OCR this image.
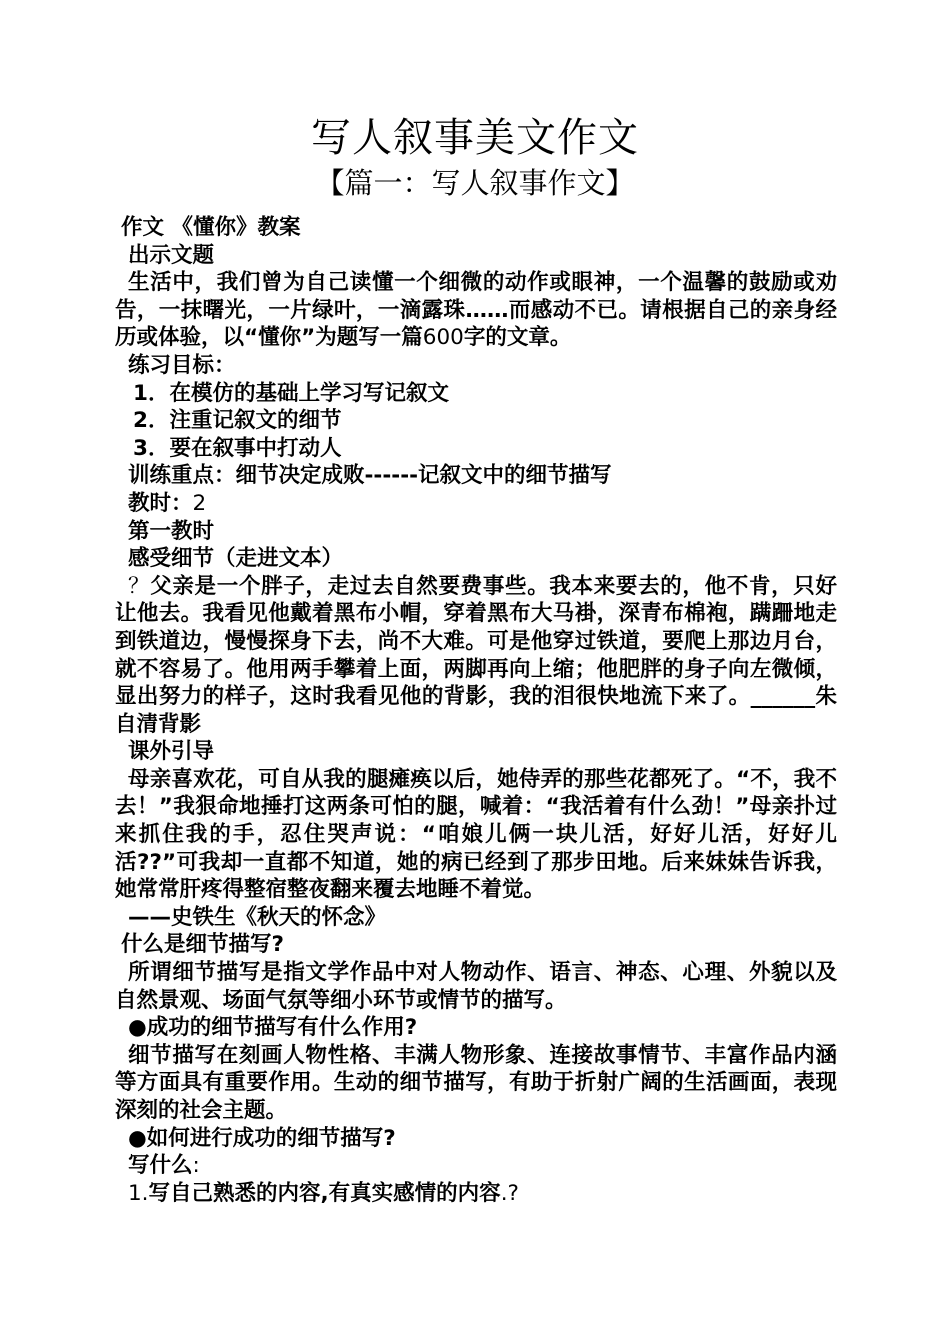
写人叙事美文作文
【篇一：写人叙事作文】

作文 《懂你》教案

出示文题

生活中，我们曾为自己读懂一个细微的动作或眼神，一个温馨的鼓励或劝告，一抹曙光，一片绿叶，一滴露珠……而感动不已。请根据自己的亲身经历或体验，以“懂你”为题写一篇600字的文章。

练习目标：

1．在模仿的基础上学习写记叙文

2．注重记叙文的细节

3．要在叙事中打动人

训练重点：细节决定成败------记叙文中的细节描写

教时：2

第一教时

感受细节（走进文本）

？父亲是一个胖子，走过去自然要费事些。我本来要去的，他不肯，只好让他去。我看见他戴着黑布小帽，穿着黑布大马褂，深青布棉袍，蹒跚地走到铁道边，慢慢探身下去，尚不大难。可是他穿过铁道，要爬上那边月台，就不容易了。他用两手攀着上面，两脚再向上缩；他肥胖的身子向左微倾，显出努力的样子，这时我看见他的背影，我的泪很快地流下来了。______朱自清背影

课外引导

母亲喜欢花，可自从我的腿瘫痪以后，她侍弄的那些花都死了。“不，我不去！”我狠命地捶打这两条可怕的腿，喊着：“我活着有什么劲！”母亲扑过来抓住我的手，忍住哭声说：“咱娘儿俩一块儿活，好好儿活，好好儿活??”可我却一直都不知道，她的病已经到了那步田地。后来妹妹告诉我，她常常肝疼得整宿整夜翻来覆去地睡不着觉。

——史铁生《秋天的怀念》

什么是细节描写?

所谓细节描写是指文学作品中对人物动作、语言、神态、心理、外貌以及自然景观、场面气氛等细小环节或情节的描写。

●成功的细节描写有什么作用?

细节描写在刻画人物性格、丰满人物形象、连接故事情节、丰富作品内涵等方面具有重要作用。生动的细节描写，有助于折射广阔的生活画面，表现深刻的社会主题。

●如何进行成功的细节描写?

写什么:

1.写自己熟悉的内容,有真实感情的内容.?
